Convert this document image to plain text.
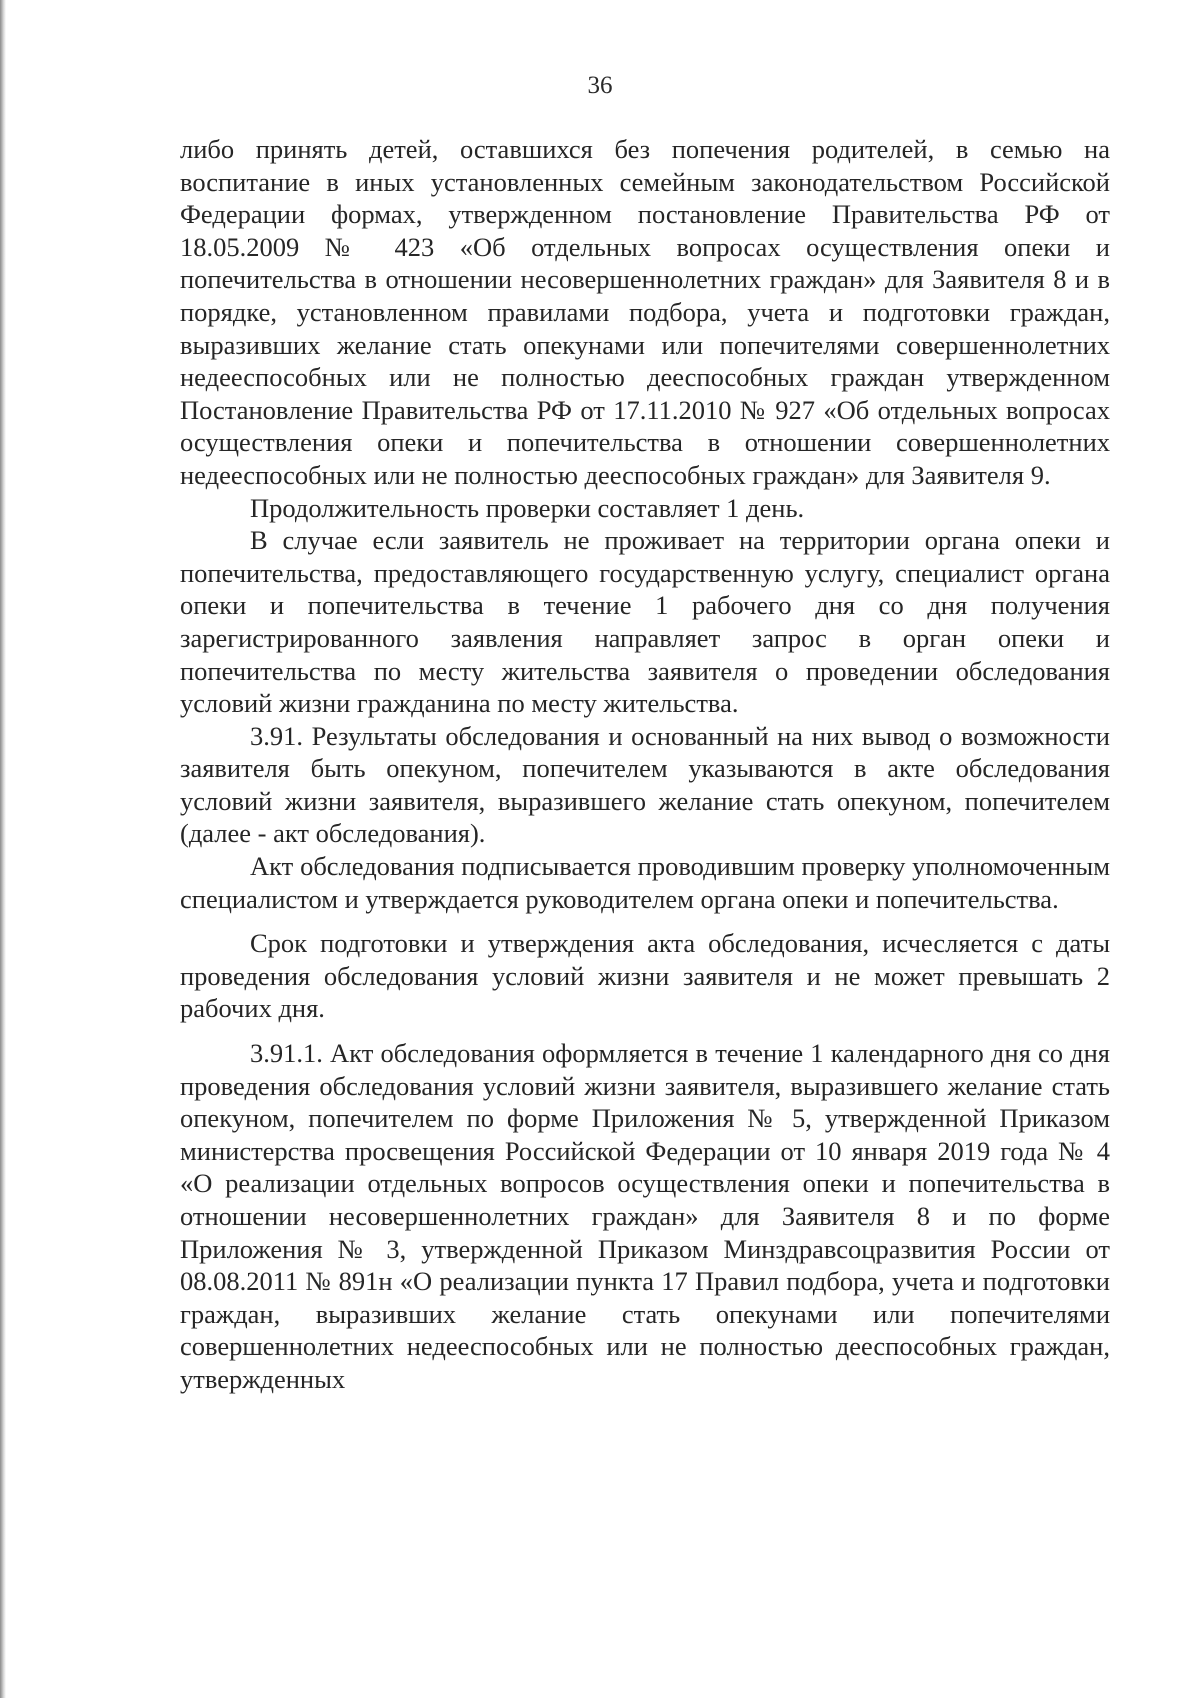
36

либо принять детей, оставшихся без попечения родителей, в семью на воспитание в иных установленных семейным законодательством Российской Федерации формах, утвержденном постановление Правительства РФ от 18.05.2009 № 423 «Об отдельных вопросах осуществления опеки и попечительства в отношении несовершеннолетних граждан» для Заявителя 8 и в порядке, установленном правилами подбора, учета и подготовки граждан, выразивших желание стать опекунами или попечителями совершеннолетних недееспособных или не полностью дееспособных граждан утвержденном Постановление Правительства РФ от 17.11.2010 № 927 «Об отдельных вопросах осуществления опеки и попечительства в отношении совершеннолетних недееспособных или не полностью дееспособных граждан» для Заявителя 9.

Продолжительность проверки составляет 1 день.

В случае если заявитель не проживает на территории органа опеки и попечительства, предоставляющего государственную услугу, специалист органа опеки и попечительства в течение 1 рабочего дня со дня получения зарегистрированного заявления направляет запрос в орган опеки и попечительства по месту жительства заявителя о проведении обследования условий жизни гражданина по месту жительства.

3.91. Результаты обследования и основанный на них вывод о возможности заявителя быть опекуном, попечителем указываются в акте обследования условий жизни заявителя, выразившего желание стать опекуном, попечителем (далее - акт обследования).

Акт обследования подписывается проводившим проверку уполномоченным специалистом и утверждается руководителем органа опеки и попечительства.

Срок подготовки и утверждения акта обследования, исчесляется с даты проведения обследования условий жизни заявителя и не может превышать 2 рабочих дня.

3.91.1. Акт обследования оформляется в течение 1 календарного дня со дня проведения обследования условий жизни заявителя, выразившего желание стать опекуном, попечителем по форме Приложения № 5, утвержденной Приказом министерства просвещения Российской Федерации от 10 января 2019 года № 4 «О реализации отдельных вопросов осуществления опеки и попечительства в отношении несовершеннолетних граждан» для Заявителя 8 и по форме Приложения № 3, утвержденной Приказом Минздравсоцразвития России от 08.08.2011 № 891н «О реализации пункта 17 Правил подбора, учета и подготовки граждан, выразивших желание стать опекунами или попечителями совершеннолетних недееспособных или не полностью дееспособных граждан, утвержденных
